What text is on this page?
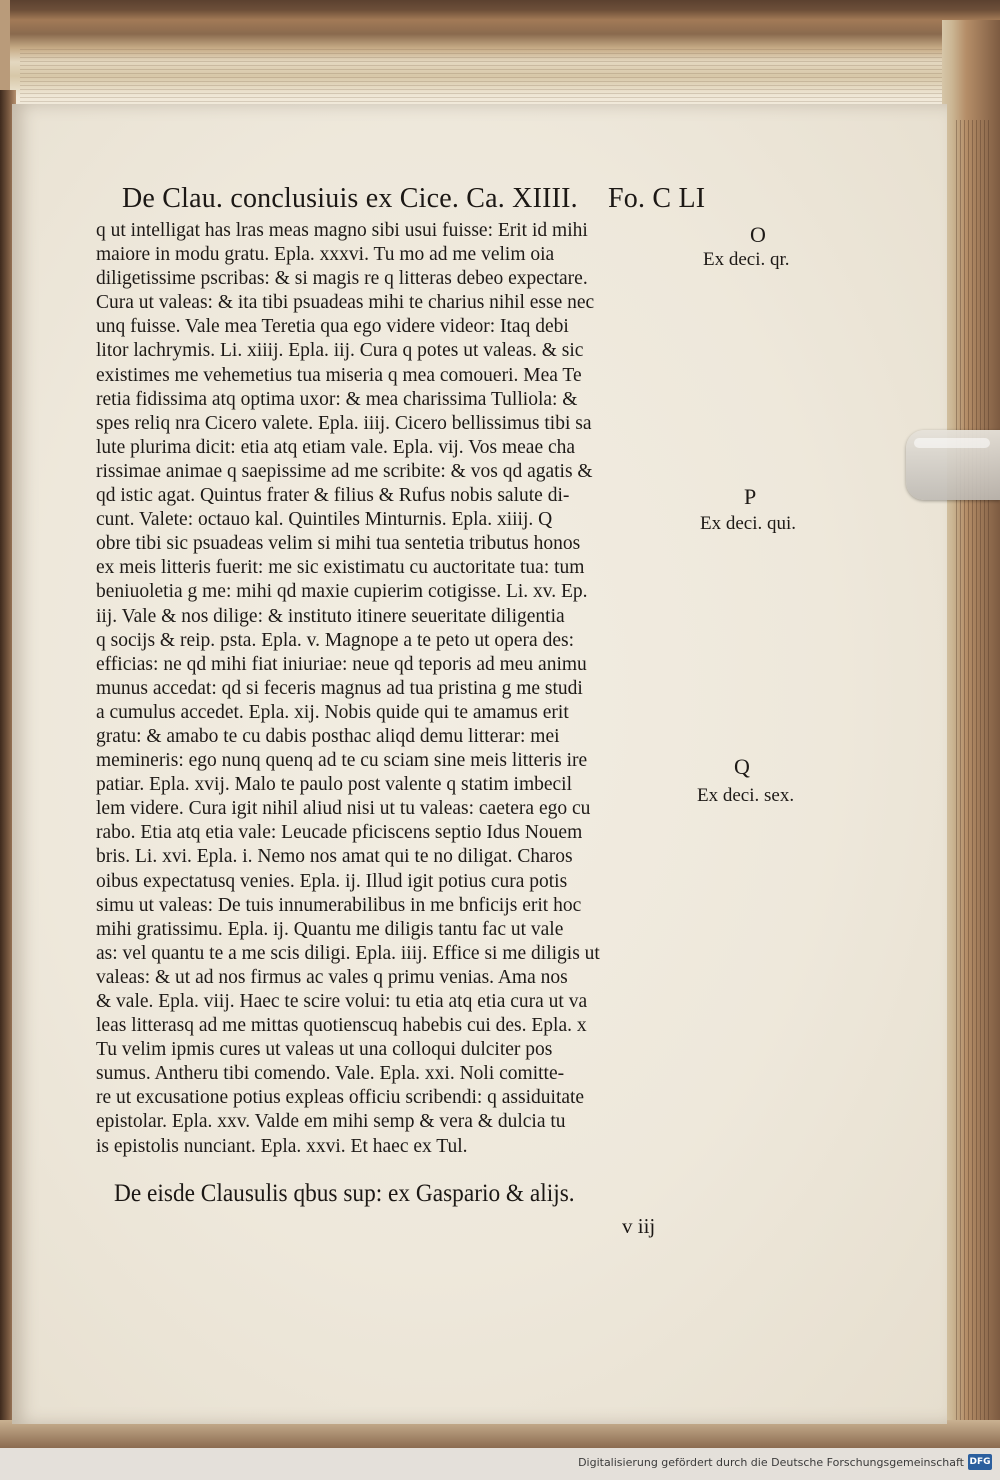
De Clau. conclusiuis ex Cice. Ca. XIIII. Fo. C LI
q ut intelligat has lras meas magno sibi usui fuisse: Erit id mihi
maiore in modu gratu. Epla. xxxvi. Tu mo ad me velim oia
diligetissime pscribas: & si magis re q litteras debeo expectare.
Cura ut valeas: & ita tibi psuadeas mihi te charius nihil esse nec
unq fuisse. Vale mea Teretia qua ego videre videor: Itaq debi
litor lachrymis. Li. xiiij. Epla. iij. Cura q potes ut valeas. & sic
existimes me vehemetius tua miseria q mea comoueri. Mea Te
retia fidissima atq optima uxor: & mea charissima Tulliola: &
spes reliq nra Cicero valete. Epla. iiij. Cicero bellissimus tibi sa
lute plurima dicit: etia atq etiam vale. Epla. vij. Vos meae cha
rissimae animae q saepissime ad me scribite: & vos qd agatis &
qd istic agat. Quintus frater & filius & Rufus nobis salute di-
cunt. Valete: octauo kal. Quintiles Minturnis. Epla. xiiij. Q
obre tibi sic psuadeas velim si mihi tua sentetia tributus honos
ex meis litteris fuerit: me sic existimatu cu auctoritate tua: tum
beniuoletia g me: mihi qd maxie cupierim cotigisse. Li. xv. Ep.
iij. Vale & nos dilige: & instituto itinere seueritate diligentia
q socijs & reip. psta. Epla. v. Magnope a te peto ut opera des:
efficias: ne qd mihi fiat iniuriae: neue qd teporis ad meu animu
munus accedat: qd si feceris magnus ad tua pristina g me studi
a cumulus accedet. Epla. xij. Nobis quide qui te amamus erit
gratu: & amabo te cu dabis posthac aliqd demu litterar: mei
memineris: ego nunq quenq ad te cu sciam sine meis litteris ire
patiar. Epla. xvij. Malo te paulo post valente q statim imbecil
lem videre. Cura igit nihil aliud nisi ut tu valeas: caetera ego cu
rabo. Etia atq etia vale: Leucade pficiscens septio Idus Nouem
bris. Li. xvi. Epla. i. Nemo nos amat qui te no diligat. Charos
oibus expectatusq venies. Epla. ij. Illud igit potius cura potis
simu ut valeas: De tuis innumerabilibus in me bnficijs erit hoc
mihi gratissimu. Epla. ij. Quantu me diligis tantu fac ut vale
as: vel quantu te a me scis diligi. Epla. iiij. Effice si me diligis ut
valeas: & ut ad nos firmus ac vales q primu venias. Ama nos
& vale. Epla. viij. Haec te scire volui: tu etia atq etia cura ut va
leas litterasq ad me mittas quotienscuq habebis cui des. Epla. x
Tu velim ipmis cures ut valeas ut una colloqui dulciter pos
sumus. Antheru tibi comendo. Vale. Epla. xxi. Noli comitte-
re ut excusatione potius expleas officiu scribendi: q assiduitate
epistolar. Epla. xxv. Valde em mihi semp & vera & dulcia tu
is epistolis nunciant. Epla. xxvi. Et haec ex Tul.
O
Ex deci. qr.
P
Ex deci. qui.
Q
Ex deci. sex.
De eisde Clausulis qbus sup: ex Gaspario & alijs.
v iij
Digitalisierung gefördert durch die Deutsche Forschungsgemeinschaft DFG
